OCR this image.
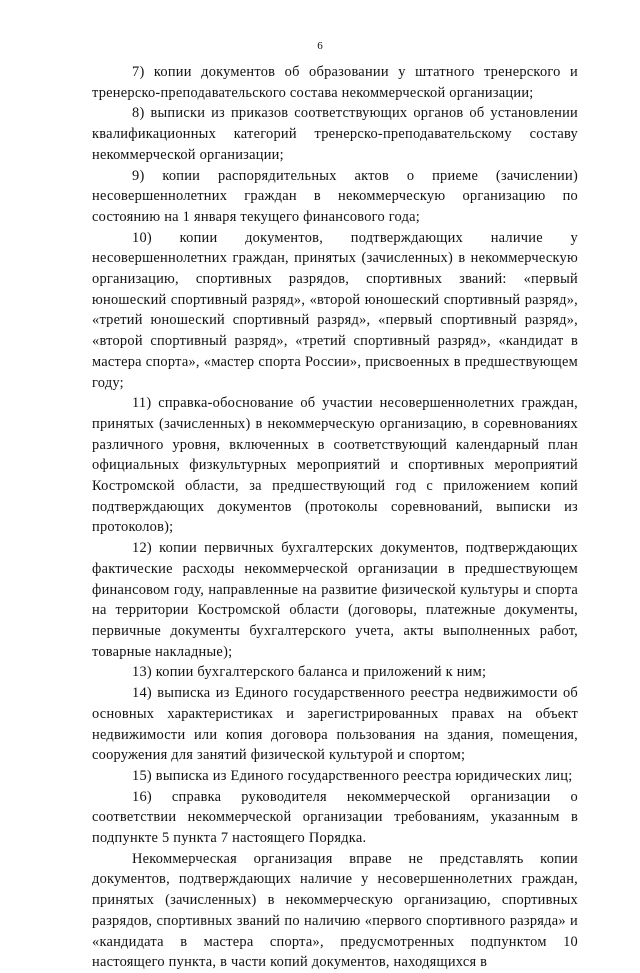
6

7) копии документов об образовании у штатного тренерского и тренерско-преподавательского состава некоммерческой организации;

8) выписки из приказов соответствующих органов об установлении квалификационных категорий тренерско-преподавательскому составу некоммерческой организации;

9) копии распорядительных актов о приеме (зачислении) несовершеннолетних граждан в некоммерческую организацию по состоянию на 1 января текущего финансового года;

10) копии документов, подтверждающих наличие у несовершеннолетних граждан, принятых (зачисленных) в некоммерческую организацию, спортивных разрядов, спортивных званий: «первый юношеский спортивный разряд», «второй юношеский спортивный разряд», «третий юношеский спортивный разряд», «первый спортивный разряд», «второй спортивный разряд», «третий спортивный разряд», «кандидат в мастера спорта», «мастер спорта России», присвоенных в предшествующем году;

11) справка-обоснование об участии несовершеннолетних граждан, принятых (зачисленных) в некоммерческую организацию, в соревнованиях различного уровня, включенных в соответствующий календарный план официальных физкультурных мероприятий и спортивных мероприятий Костромской области, за предшествующий год с приложением копий подтверждающих документов (протоколы соревнований, выписки из протоколов);

12) копии первичных бухгалтерских документов, подтверждающих фактические расходы некоммерческой организации в предшествующем финансовом году, направленные на развитие физической культуры и спорта на территории Костромской области (договоры, платежные документы, первичные документы бухгалтерского учета, акты выполненных работ, товарные накладные);

13) копии бухгалтерского баланса и приложений к ним;

14) выписка из Единого государственного реестра недвижимости об основных характеристиках и зарегистрированных правах на объект недвижимости или копия договора пользования на здания, помещения, сооружения для занятий физической культурой и спортом;

15) выписка из Единого государственного реестра юридических лиц;

16) справка руководителя некоммерческой организации о соответствии некоммерческой организации требованиям, указанным в подпункте 5 пункта 7 настоящего Порядка.

Некоммерческая организация вправе не представлять копии документов, подтверждающих наличие у несовершеннолетних граждан, принятых (зачисленных) в некоммерческую организацию, спортивных разрядов, спортивных званий по наличию «первого спортивного разряда» и «кандидата в мастера спорта», предусмотренных подпунктом 10 настоящего пункта, в части копий документов, находящихся в
